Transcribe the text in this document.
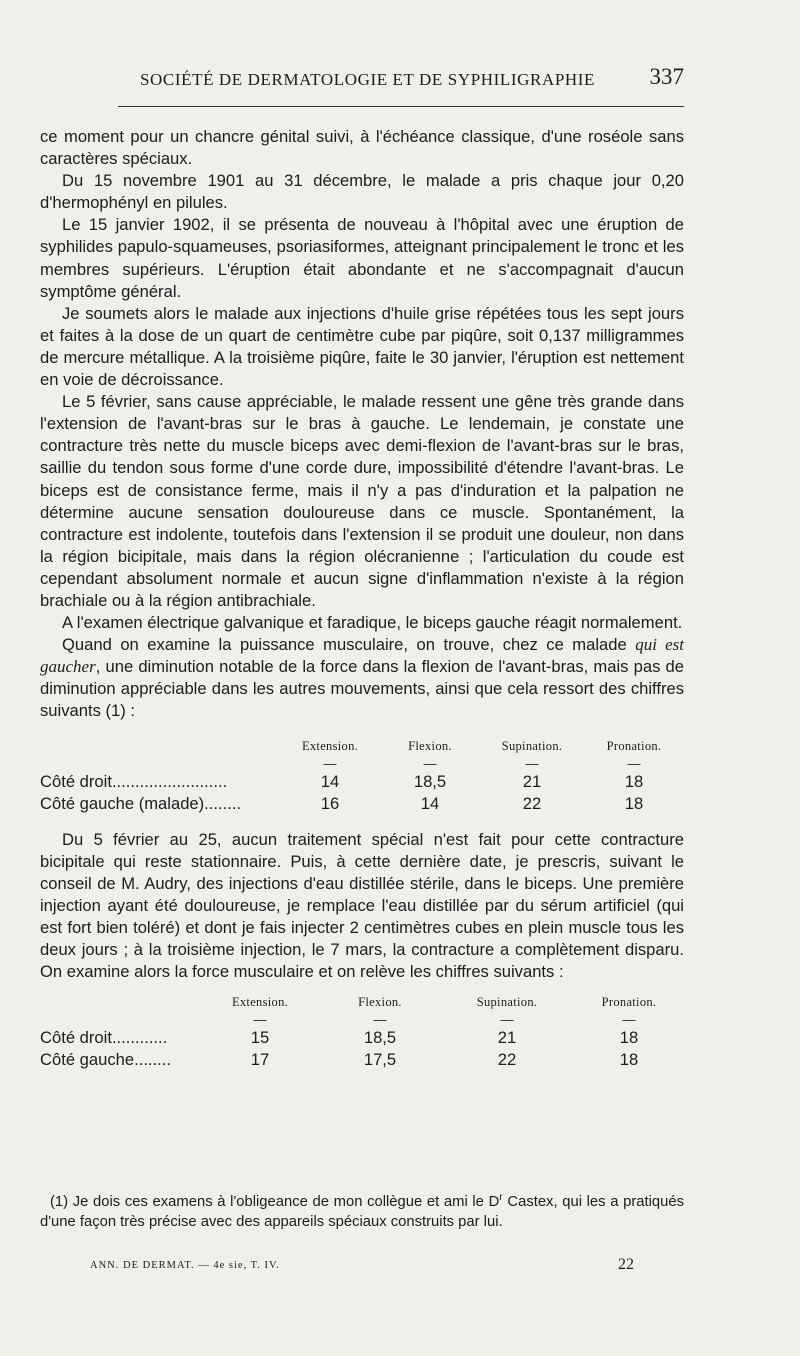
SOCIÉTÉ DE DERMATOLOGIE ET DE SYPHILIGRAPHIE 337

ce moment pour un chancre génital suivi, à l'échéance classique, d'une roséole sans caractères spéciaux.

Du 15 novembre 1901 au 31 décembre, le malade a pris chaque jour 0,20 d'hermophényl en pilules.

Le 15 janvier 1902, il se présenta de nouveau à l'hôpital avec une éruption de syphilides papulo-squameuses, psoriasiformes, atteignant principalement le tronc et les membres supérieurs. L'éruption était abondante et ne s'accompagnait d'aucun symptôme général.

Je soumets alors le malade aux injections d'huile grise répétées tous les sept jours et faites à la dose de un quart de centimètre cube par piqûre, soit 0,137 milligrammes de mercure métallique. A la troisième piqûre, faite le 30 janvier, l'éruption est nettement en voie de décroissance.

Le 5 février, sans cause appréciable, le malade ressent une gêne très grande dans l'extension de l'avant-bras sur le bras à gauche. Le lendemain, je constate une contracture très nette du muscle biceps avec demi-flexion de l'avant-bras sur le bras, saillie du tendon sous forme d'une corde dure, impossibilité d'étendre l'avant-bras. Le biceps est de consistance ferme, mais il n'y a pas d'induration et la palpation ne détermine aucune sensation douloureuse dans ce muscle. Spontanément, la contracture est indolente, toutefois dans l'extension il se produit une douleur, non dans la région bicipitale, mais dans la région olécranienne ; l'articulation du coude est cependant absolument normale et aucun signe d'inflammation n'existe à la région brachiale ou à la région antibrachiale.

A l'examen électrique galvanique et faradique, le biceps gauche réagit normalement.

Quand on examine la puissance musculaire, on trouve, chez ce malade qui est gaucher, une diminution notable de la force dans la flexion de l'avant-bras, mais pas de diminution appréciable dans les autres mouvements, ainsi que cela ressort des chiffres suivants (1) :

	Extension.	Flexion.	Supination.	Pronation.
	—	—	—	—
Côté droit.........................	14	18,5	21	18
Côté gauche (malade)........	16	14	22	18

Du 5 février au 25, aucun traitement spécial n'est fait pour cette contracture bicipitale qui reste stationnaire. Puis, à cette dernière date, je prescris, suivant le conseil de M. Audry, des injections d'eau distillée stérile, dans le biceps. Une première injection ayant été douloureuse, je remplace l'eau distillée par du sérum artificiel (qui est fort bien toléré) et dont je fais injecter 2 centimètres cubes en plein muscle tous les deux jours ; à la troisième injection, le 7 mars, la contracture a complètement disparu. On examine alors la force musculaire et on relève les chiffres suivants :

	Extension.	Flexion.	Supination.	Pronation.
	—	—	—	—
Côté droit............	15	18,5	21	18
Côté gauche........	17	17,5	22	18

(1) Je dois ces examens à l'obligeance de mon collègue et ami le $D^r$ Castex, qui les a pratiqués d'une façon très précise avec des appareils spéciaux construits par lui.

ANN. DE DERMAT. — 4e sie, T. IV.	22
